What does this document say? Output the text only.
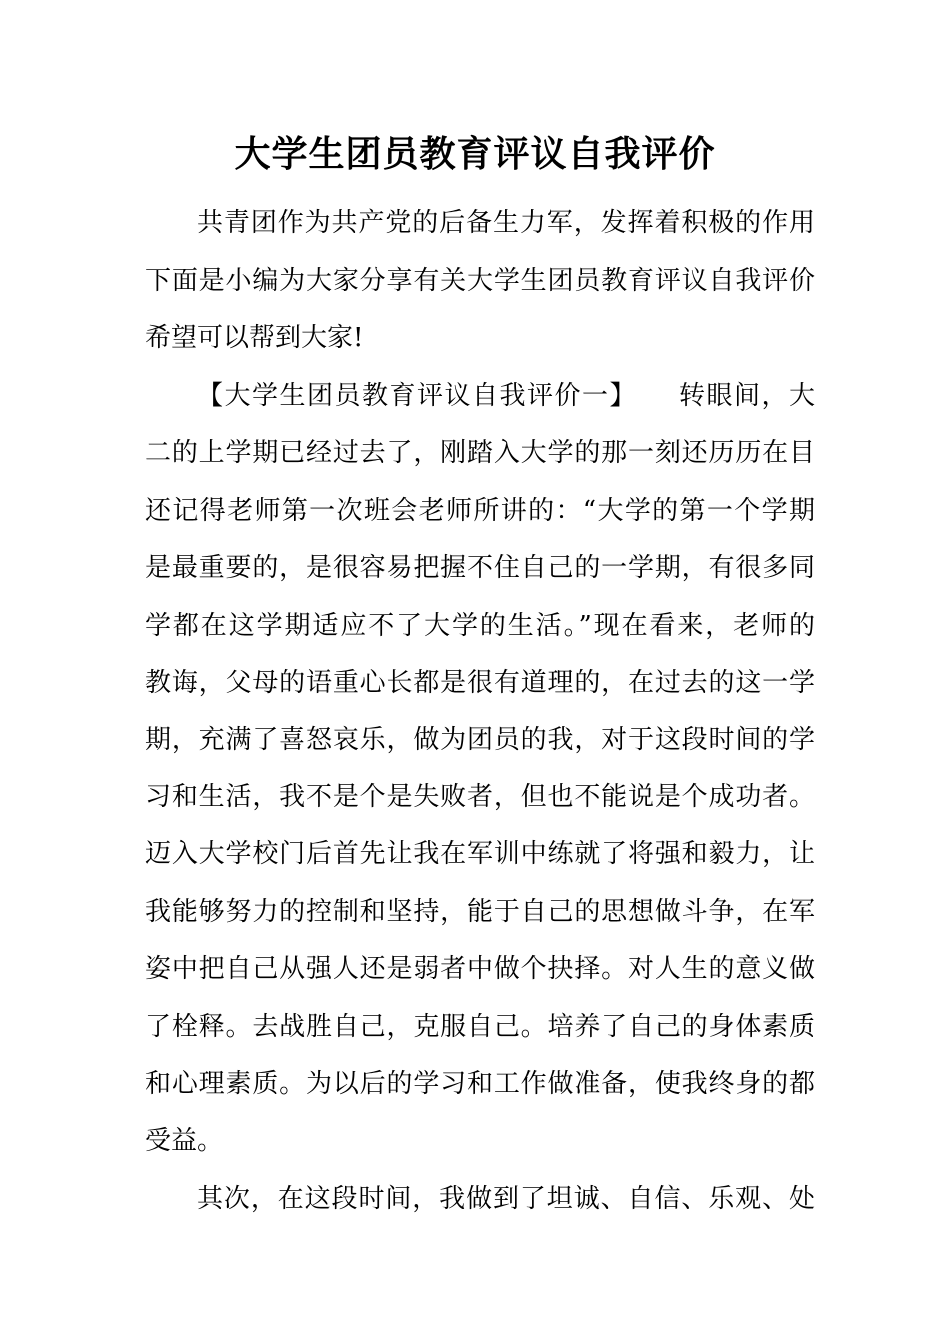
大学生团员教育评议自我评价
共青团作为共产党的后备生力军，发挥着积极的作用
下面是小编为大家分享有关大学生团员教育评议自我评价
希望可以帮到大家!
【大学生团员教育评议自我评价一】　　转眼间，大
二的上学期已经过去了，刚踏入大学的那一刻还历历在目
还记得老师第一次班会老师所讲的：“大学的第一个学期
是最重要的，是很容易把握不住自己的一学期，有很多同
学都在这学期适应不了大学的生活。”现在看来，老师的
教诲，父母的语重心长都是很有道理的，在过去的这一学
期，充满了喜怒哀乐，做为团员的我，对于这段时间的学
习和生活，我不是个是失败者，但也不能说是个成功者。
迈入大学校门后首先让我在军训中练就了将强和毅力，让
我能够努力的控制和坚持，能于自己的思想做斗争，在军
姿中把自己从强人还是弱者中做个抉择。对人生的意义做
了栓释。去战胜自己，克服自己。培养了自己的身体素质
和心理素质。为以后的学习和工作做准备，使我终身的都
受益。
其次，在这段时间，我做到了坦诚、自信、乐观、处
